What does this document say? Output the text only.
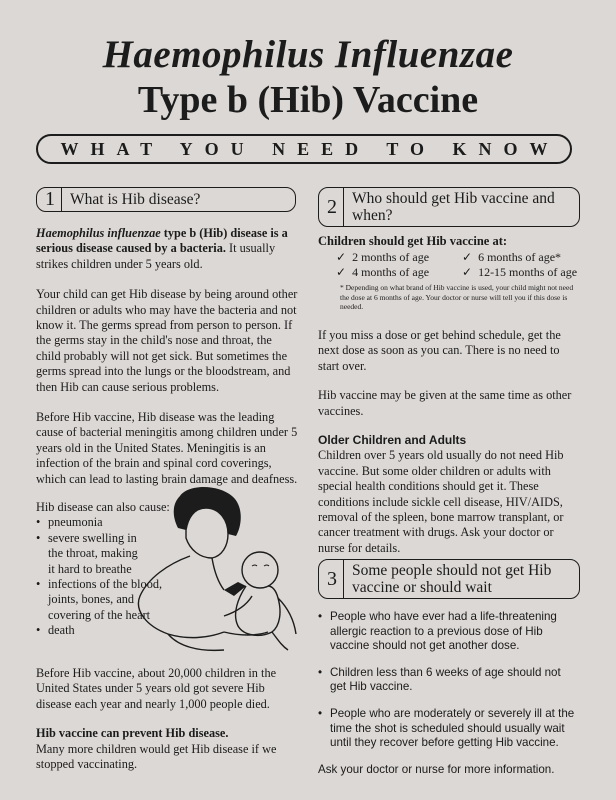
Haemophilus Influenzae
Type b (Hib) Vaccine
WHAT YOU NEED TO KNOW
1 What is Hib disease?

Haemophilus influenzae type b (Hib) disease is a serious disease caused by a bacteria. It usually strikes children under 5 years old.

Your child can get Hib disease by being around other children or adults who may have the bacteria and not know it. The germs spread from person to person. If the germs stay in the child's nose and throat, the child probably will not get sick. But sometimes the germs spread into the lungs or the bloodstream, and then Hib can cause serious problems.

Before Hib vaccine, Hib disease was the leading cause of bacterial meningitis among children under 5 years old in the United States. Meningitis is an infection of the brain and spinal cord coverings, which can lead to lasting brain damage and deafness.

Hib disease can also cause:

• pneumonia
• severe swelling in the throat, making it hard to breathe
• infections of the blood, joints, bones, and covering of the heart
• death

Before Hib vaccine, about 20,000 children in the United States under 5 years old got severe Hib disease each year and nearly 1,000 people died.

Hib vaccine can prevent Hib disease.

Many more children would get Hib disease if we stopped vaccinating.

2 Who should get Hib vaccine and when?

Children should get Hib vaccine at:

✓ 2 months of age	✓ 6 months of age*
✓ 4 months of age	✓ 12-15 months of age

* Depending on what brand of Hib vaccine is used, your child might not need the dose at 6 months of age. Your doctor or nurse will tell you if this dose is needed.

If you miss a dose or get behind schedule, get the next dose as soon as you can. There is no need to start over.

Hib vaccine may be given at the same time as other vaccines.

Older Children and Adults

Children over 5 years old usually do not need Hib vaccine. But some older children or adults with special health conditions should get it. These conditions include sickle cell disease, HIV/AIDS, removal of the spleen, bone marrow transplant, or cancer treatment with drugs. Ask your doctor or nurse for details.

3 Some people should not get Hib vaccine or should wait
• People who have ever had a life-threatening allergic reaction to a previous dose of Hib vaccine should not get another dose.
• Children less than 6 weeks of age should not get Hib vaccine.
• People who are moderately or severely ill at the time the shot is scheduled should usually wait until they recover before getting Hib vaccine.

Ask your doctor or nurse for more information.
